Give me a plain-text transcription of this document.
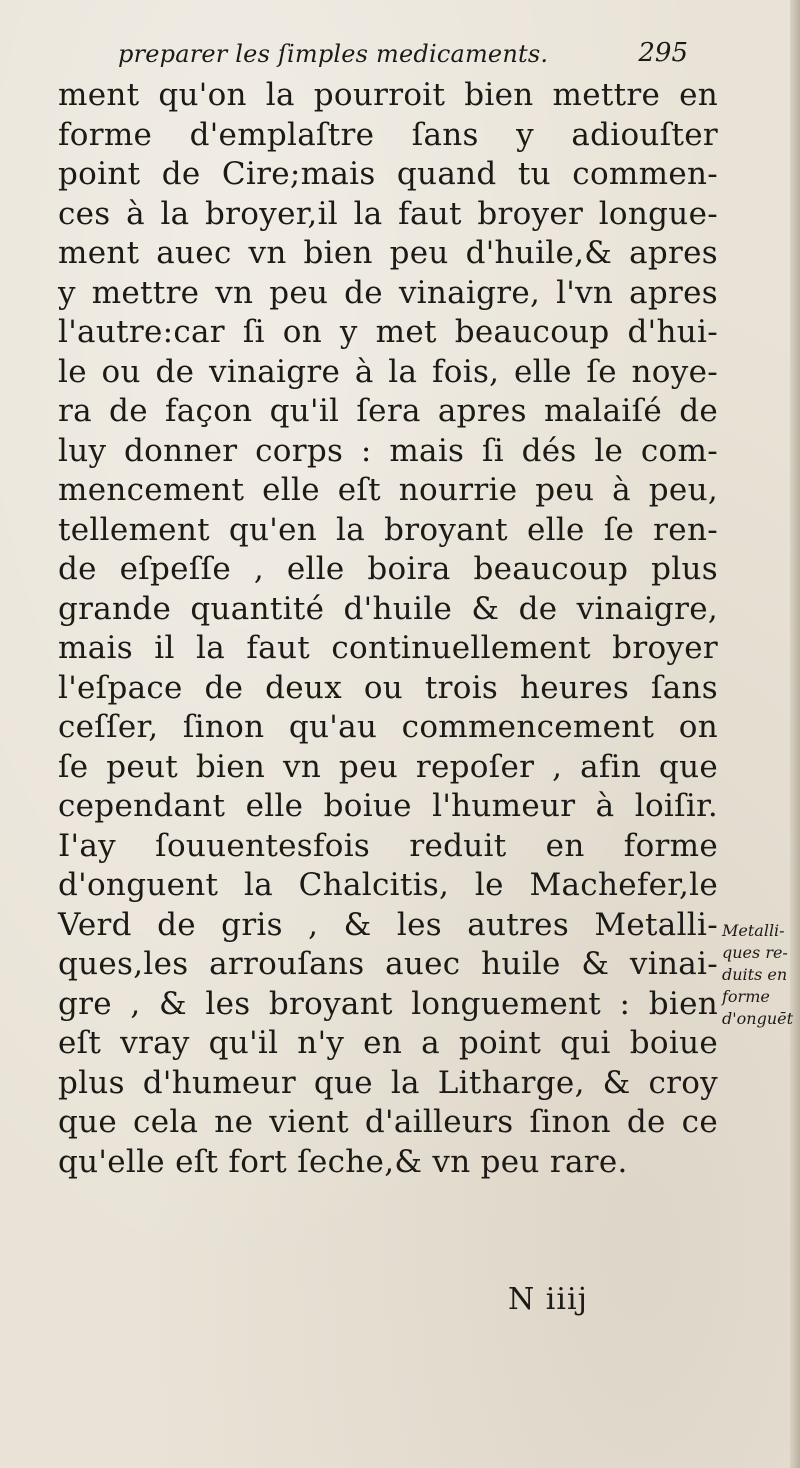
preparer les ſimples medicaments.	295
ment qu'on la pourroit bien mettre en
forme d'emplaſtre ſans y adiouſter
point de Cire;mais quand tu commen-
ces à la broyer,il la faut broyer longue-
ment auec vn bien peu d'huile,& apres
y mettre vn peu de vinaigre, l'vn apres
l'autre:car ſi on y met beaucoup d'hui-
le ou de vinaigre à la fois, elle ſe noye-
ra de façon qu'il ſera apres malaiſé de
luy donner corps : mais ſi dés le com-
mencement elle eſt nourrie peu à peu,
tellement qu'en la broyant elle ſe ren-
de eſpeſſe , elle boira beaucoup plus
grande quantité d'huile & de vinaigre,
mais il la faut continuellement broyer
l'eſpace de deux ou trois heures ſans
ceſſer, ſinon qu'au commencement on
ſe peut bien vn peu repoſer , afin que
cependant elle boiue l'humeur à loiſir.
I'ay ſouuentesfois reduit en forme
d'onguent la Chalcitis, le Machefer,le
Verd de gris , & les autres Metalli-
ques,les arrouſans auec huile & vinai-
gre , & les broyant longuement : bien
eſt vray qu'il n'y en a point qui boiue
plus d'humeur que la Litharge, & croy
que cela ne vient d'ailleurs ſinon de ce
qu'elle eſt fort ſeche,& vn peu rare.
Metalli-
ques re-
duits en
forme
d'onguēt
N iiij
